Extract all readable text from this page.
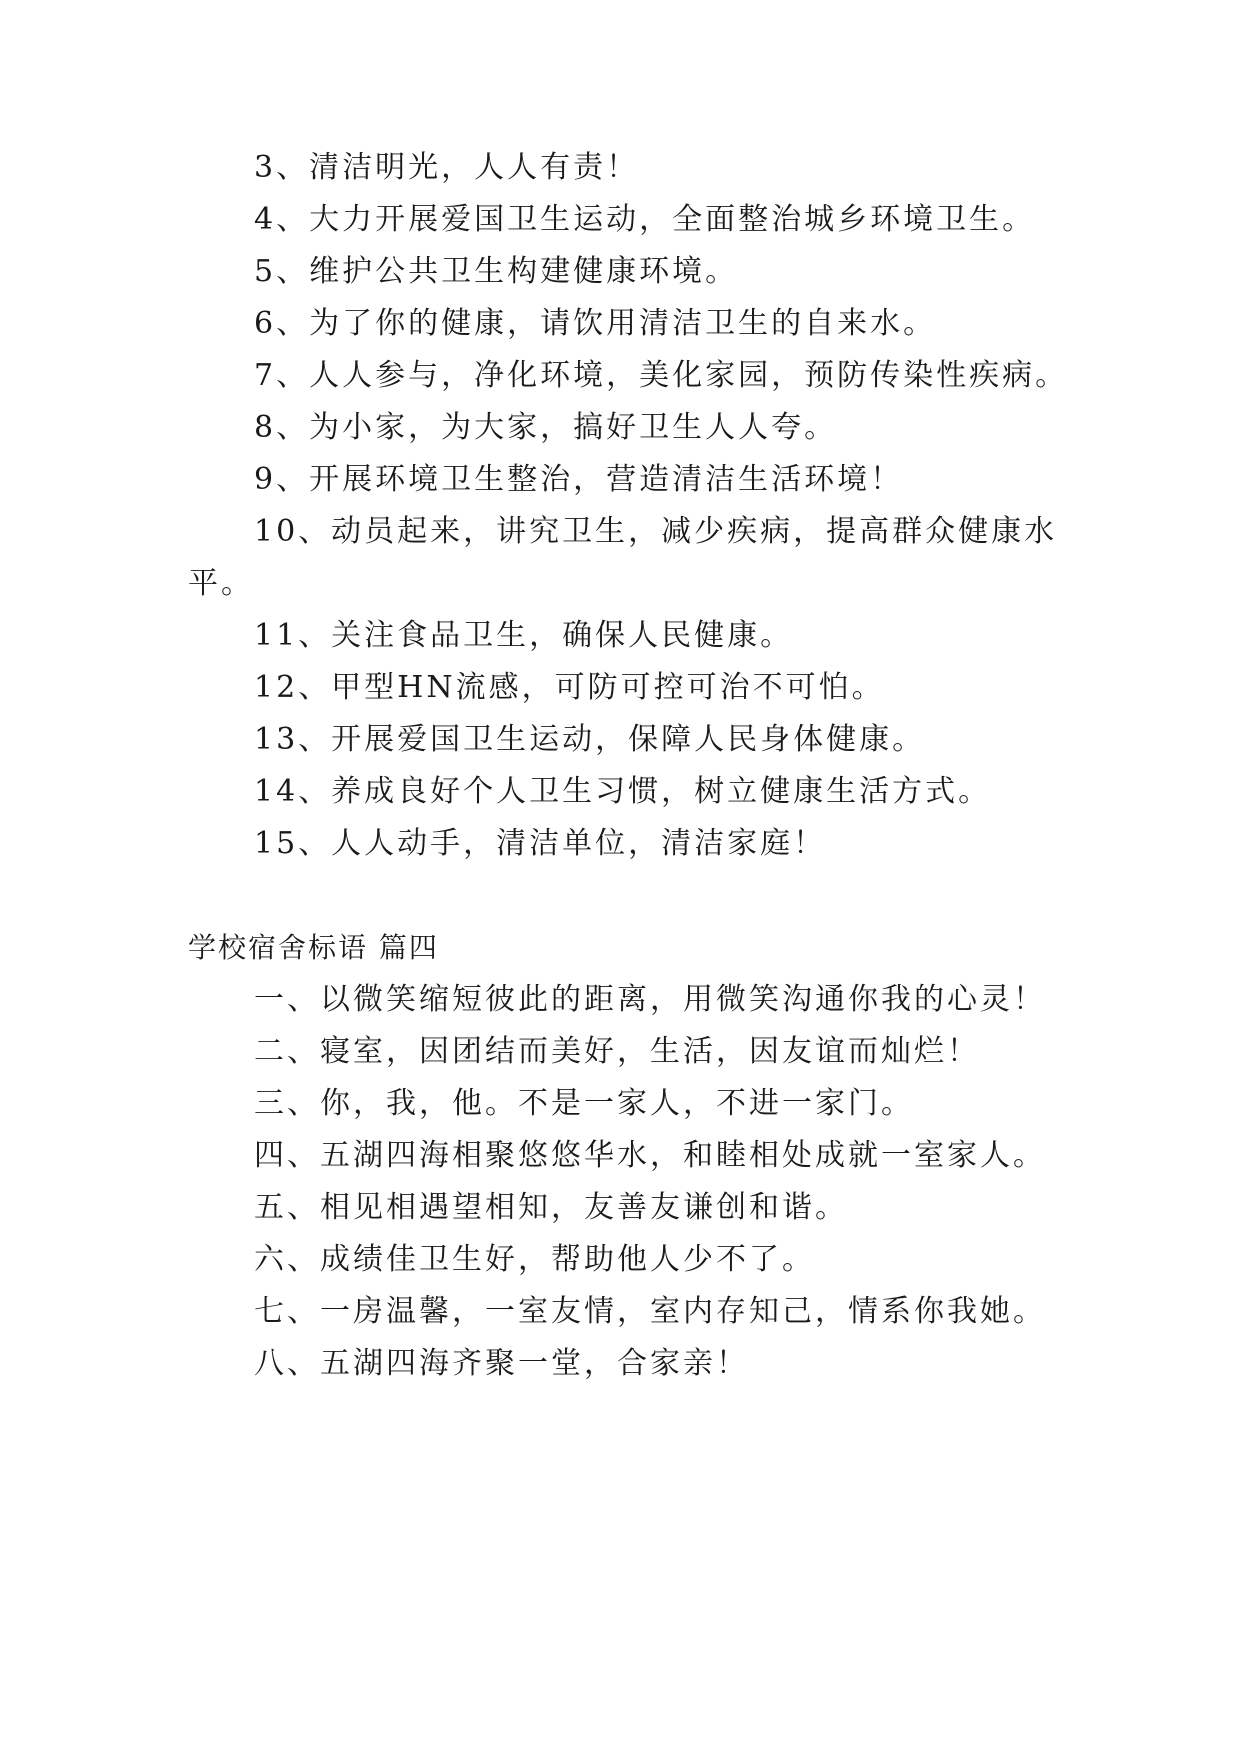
3、清洁明光，人人有责！
4、大力开展爱国卫生运动，全面整治城乡环境卫生。
5、维护公共卫生构建健康环境。
6、为了你的健康，请饮用清洁卫生的自来水。
7、人人参与，净化环境，美化家园，预防传染性疾病。
8、为小家，为大家，搞好卫生人人夸。
9、开展环境卫生整治，营造清洁生活环境！
10、动员起来，讲究卫生，减少疾病，提高群众健康水
平。
11、关注食品卫生，确保人民健康。
12、甲型HN流感，可防可控可治不可怕。
13、开展爱国卫生运动，保障人民身体健康。
14、养成良好个人卫生习惯，树立健康生活方式。
15、人人动手，清洁单位，清洁家庭！
学校宿舍标语 篇四
一、以微笑缩短彼此的距离，用微笑沟通你我的心灵！
二、寝室，因团结而美好，生活，因友谊而灿烂！
三、你，我，他。不是一家人，不进一家门。
四、五湖四海相聚悠悠华水，和睦相处成就一室家人。
五、相见相遇望相知，友善友谦创和谐。
六、成绩佳卫生好，帮助他人少不了。
七、一房温馨，一室友情，室内存知己，情系你我她。
八、五湖四海齐聚一堂，合家亲！
